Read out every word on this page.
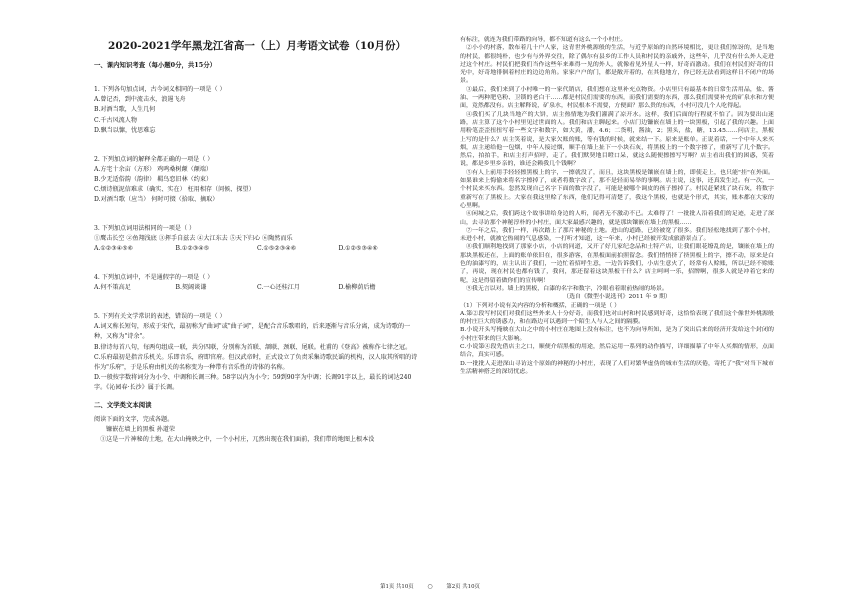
2020-2021学年黑龙江省高一（上）月考语文试卷（10月份）

一、课内知识考查（每小题0分，共15分）

1. 下列各句加点词，古今词义相同的一项是（ ）

A.曾记否，到中流击水，浪遏飞舟

B.对酒当歌，人生几何

C.千古风流人物

D.飘当以慷，忧思难忘

2. 下列加点词的解释全都正确的一项是（ ）

A.方宅十余亩（方形） 鸡鸣桑树颠（颠端）

B.少无适俗韵（韵律） 羁鸟恋旧林（约束）

C.烦诗瓶泥信难求（确实、实在） 枉用相存（问候、探望）

D.对酒当歌（应当） 何时可掇（拾取、摘取）

3. 下列加点词用法相同的一项是（ ）

①鹰击长空 ②鱼翔浅底 ③挥手自兹去 ④大江东去 ⑤天下归心 ⑥陶然而乐

A.①②③④⑤⑥	B.①②③④⑤	C.①⑤②③④⑥	D.①②⑤③④⑥

4. 下列加点词中，不是通假字的一项是（ ）

A.何不策高足	B.契阔谈谦	C.一心还桂江月	D.榆柳荫后檐

5. 下列有关文学常识的表述，错误的一项是（ ）

A.词又称长短句，形成于宋代，最初称为"曲词"或"曲子词"，是配合音乐歌唱的，后来逐渐与音乐分离，成为诗歌的一种，又称为"诗余"。

B.律诗每首八句，每两句组成一联，共分四联，分别称为首联、颔联、颈联、尾联。杜甫的《登高》被称作七律之冠。

C.乐府最初是指音乐机关。乐即音乐，府即官府。但汉武帝时，正式设立了负责采集诗歌民谣的机构，汉人取其所唱的诗作为"乐府"，于是乐府由机关的名称变为一种带有音乐性的诗体的名称。

D.一般按字数将词分为小令、中调和长调三种。58字以内为小令；59到90字为中调；长调91字以上，最长的词达240字。《沁园春·长沙》属于长调。

二、文学类文本阅读

阅读下面的文字，完成各题。

镰嵌在墙上的黑板 孙道荣

①这是一片神秘的土地，在大山掩映之中，一个小村庄，兀然出现在我们面前，我们带的地图上根本没

有标注，就连为我们带路的向导，都不知道有这么一个小村庄。

②小小的村落，散布着几十户人家，这青世外桃源般的生活，与近乎原始的自然环境相比，更让我们惊讶的，是当地的村民，都很纯朴，也少有与外界交往，除了偶尔有县乡的工作人员和村民的亲戚外，这些年，几乎没有什么外人走进过这个村庄。村民们把我们当作这些年来难得一见的外人，就像看见外星人一样，好奇而激动。我们在村民们好奇的目光中，好奇地徘徊着村庄的边边角角。家家户户的门，都是敞开着的，在其他地方，你已经无法看到这样日不闭户的场景。

③最后，我们来到了小村唯一的一家代销店，我们想在这里补充点物资。小店里只有最基本的日常生活用品，盐、酱油、一两种肥皂粉、卫锁的老白干……都是村民们需要的东西，而我们需要的东西，那么我们需要补充的矿泉水和方便面，竟然都没有。店主解释说，矿泉水，村民根本不需要，方便面？那么贵的东西，小村可没几个人吃得起。

④我们买了几块当地产的大饼，店主热情地为我们灌满了凉开水。这样，我们后面的行程就不怕了。因为要出山迷路，店主算了这个小村里见过世面的人。我们和店主聊起来。小店门边镰嵌在墙上的一块黑板，引起了我的兴趣。上面用粉笔歪歪扭扭写着一些文字和数字，如大黄，潘，4.6；二货明，酱油，2；黑头，盐，糖，13.45……问店主，黑板上写的是什么？店主笑着说，是大家欠账的账，等有钱的时候，就来结一下。原来是账单。正说着话，一个中年人来买烟，店主递给他一包烟，中年人接过烟，顺手在墙上扯下一小块石灰，将黑板上的一个数字擦了，重新写了几个数字。然后，拍拍手，和店主打声招呼，走了。我们默契地目瞪口呆，就这么随便擦擦写写啊？店主看出我们的困惑，笑着说，都是乡里乡亲的，谁还会赖我几个钱啊？

⑤有人上前用手轻轻擦黑板上的字，一擦就没了，而且，这块黑板是镶嵌在墙上的，即使走上，也只能"挂"在外面。如果谁来上悔偷来将名字擦掉了，或者将数字改了，那不是轻而易举的事啊。店主说，这事，还真发生过。有一次，一个村民来买东西。忽然发现自己名字下面的数字没了，可能是被哪个调皮的孩子擦掉了。村民赶紧找了块石灰，将数字重新写在了黑板上。大家在我这里赊了东西，他们记得可清楚了，我这个黑板，也就是个形式，其实，账本都在大家的心里啊。

⑥闲城之后，我们跨这个故事讲给身边的人听，闻者无不激动不已。太难得了！一批批人沿着我们的足迹，走进了深山，去寻访那个神秘淳朴的小村庄，面大家最感兴趣的，就是那块镶嵌在墙上的黑板……

⑦一年之后，我们一样，再次踏上了那片神秘的土地。进山的道路，已经被宽了很多。我们轻松地找到了那个小村，未进小村，就被它热闹的气息感染，一打听才知道，这一年来，小村已经被开发成旅游景点了。

⑧我们顺利地找到了那家小店，小店的同道，又开了好几家纪念品和土特产店，让我们眼花缭乱的是，镶嵌在墙上的那块黑板还在，上面的账单依旧在，很多游客，在黑板面前拍照留念。我们悄悄挤了挤黑板上的字，擦不动，原来是白色的油漆写的，店主认出了我们，一边忙着招呼生意，一边告诉我们，小店生意火了，经常有人赊账，所以已经不赊账了，再说，现在村民也都有钱了，我问，那还留着这块黑板干什么？店主呵呵一乐，招牌啊，很多人就是冲着它来的呢，这是得留着做你们的宣传啊！

⑨我无言以对。墙上的黑板，白漆的名字和数字，冷眼看着眼前热闹的场景。

（选自《微型小说选刊》2011 年 9 期）

（1）下列对小说有关内容的分析和概括，正确的一项是（ ）

A.第②段写村民们对我们这些外来人十分好奇，而我们也对山村和村民感到好奇，这恰恰表现了我们这个像世外桃源般的村庄巨大的诱惑力，和在路边可以遇到一个陌生人与人之间的隔膜。

B.小说开头写掩映在大山之中的小村庄在地图上没有标注，也不为向导所知，是为了突出后来的经济开发给这个封闭的小村庄带来的巨大影响。

C.小说第④段先借店主之口，顺便介绍黑板的用途，然后运用一系列的动作描写，详细描摹了中年人买烟的情形，点面结合，真实可感。

D.一批批人走进深山寻访这个原始的神秘的小村庄，表现了人们对繁华虚伪的城市生活的厌倦，寄托了"我"对当下城市生活精神搭乏的深切忧虑。

第1页 共10页 ○	第2页 共10页
